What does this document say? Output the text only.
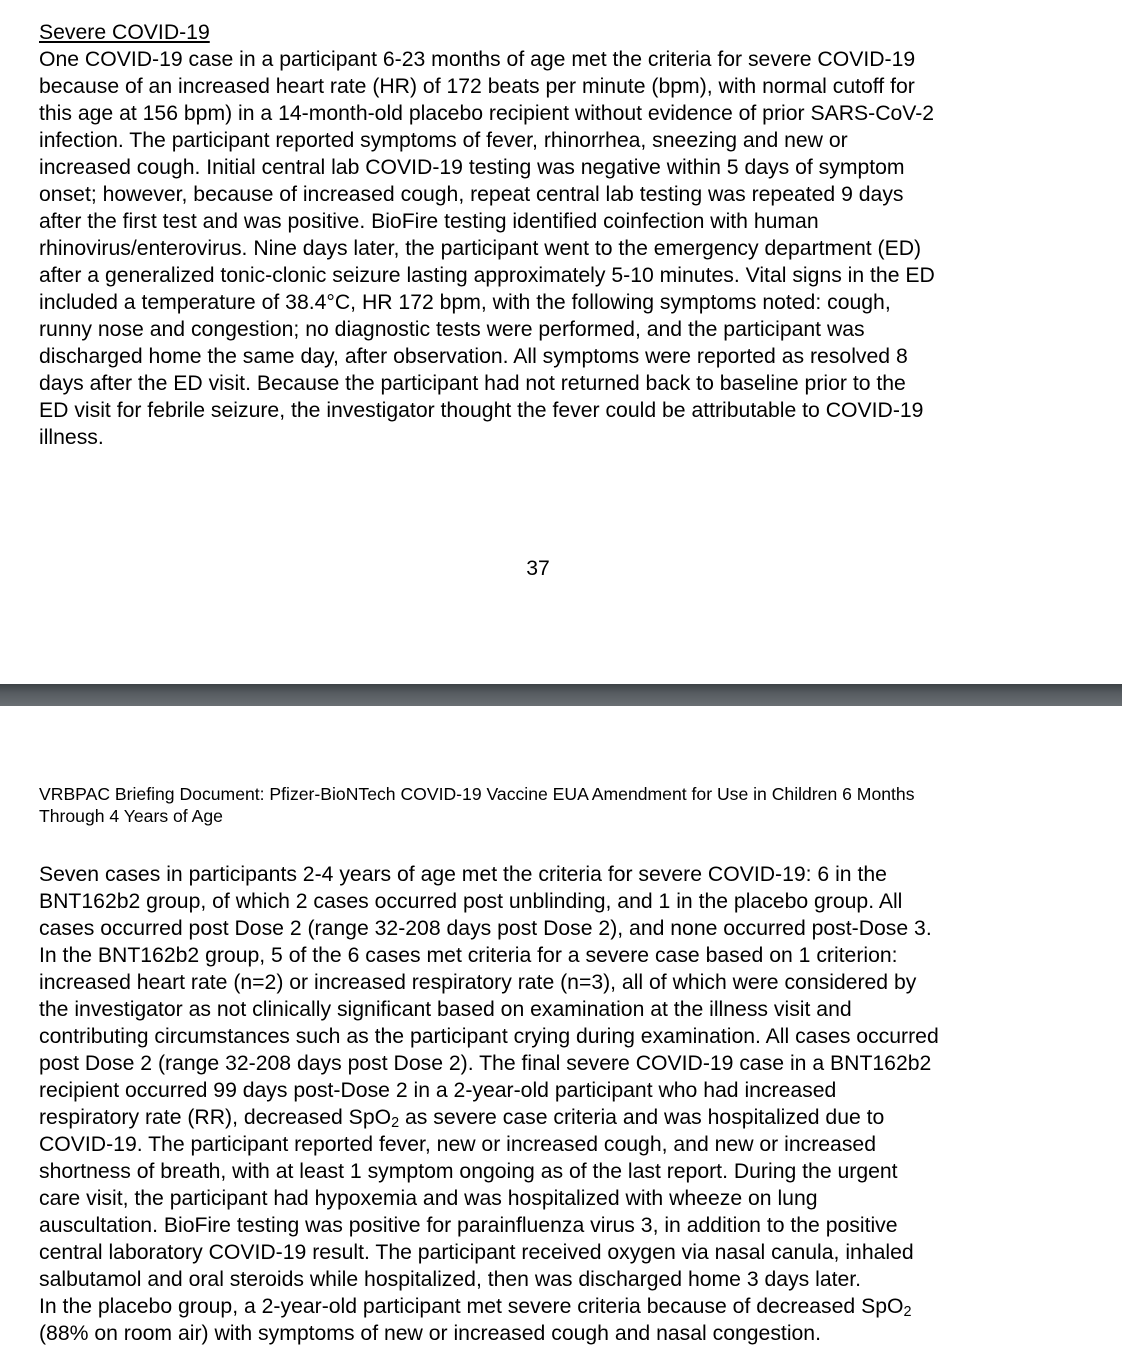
Severe COVID-19

One COVID-19 case in a participant 6-23 months of age met the criteria for severe COVID-19
because of an increased heart rate (HR) of 172 beats per minute (bpm), with normal cutoff for
this age at 156 bpm) in a 14-month-old placebo recipient without evidence of prior SARS-CoV-2
infection. The participant reported symptoms of fever, rhinorrhea, sneezing and new or
increased cough. Initial central lab COVID-19 testing was negative within 5 days of symptom
onset; however, because of increased cough, repeat central lab testing was repeated 9 days
after the first test and was positive. BioFire testing identified coinfection with human
rhinovirus/enterovirus. Nine days later, the participant went to the emergency department (ED)
after a generalized tonic-clonic seizure lasting approximately 5-10 minutes. Vital signs in the ED
included a temperature of 38.4°C, HR 172 bpm, with the following symptoms noted: cough,
runny nose and congestion; no diagnostic tests were performed, and the participant was
discharged home the same day, after observation. All symptoms were reported as resolved 8
days after the ED visit. Because the participant had not returned back to baseline prior to the
ED visit for febrile seizure, the investigator thought the fever could be attributable to COVID-19
illness.

37

VRBPAC Briefing Document: Pfizer-BioNTech COVID-19 Vaccine EUA Amendment for Use in Children 6 Months
Through 4 Years of Age

Seven cases in participants 2-4 years of age met the criteria for severe COVID-19: 6 in the
BNT162b2 group, of which 2 cases occurred post unblinding, and 1 in the placebo group. All
cases occurred post Dose 2 (range 32-208 days post Dose 2), and none occurred post-Dose 3.
In the BNT162b2 group, 5 of the 6 cases met criteria for a severe case based on 1 criterion:
increased heart rate (n=2) or increased respiratory rate (n=3), all of which were considered by
the investigator as not clinically significant based on examination at the illness visit and
contributing circumstances such as the participant crying during examination. All cases occurred
post Dose 2 (range 32-208 days post Dose 2). The final severe COVID-19 case in a BNT162b2
recipient occurred 99 days post-Dose 2 in a 2-year-old participant who had increased
respiratory rate (RR), decreased SpO$_2$ as severe case criteria and was hospitalized due to
COVID-19. The participant reported fever, new or increased cough, and new or increased
shortness of breath, with at least 1 symptom ongoing as of the last report. During the urgent
care visit, the participant had hypoxemia and was hospitalized with wheeze on lung
auscultation. BioFire testing was positive for parainfluenza virus 3, in addition to the positive
central laboratory COVID-19 result. The participant received oxygen via nasal canula, inhaled
salbutamol and oral steroids while hospitalized, then was discharged home 3 days later.
In the placebo group, a 2-year-old participant met severe criteria because of decreased SpO$_2$
(88% on room air) with symptoms of new or increased cough and nasal congestion.
